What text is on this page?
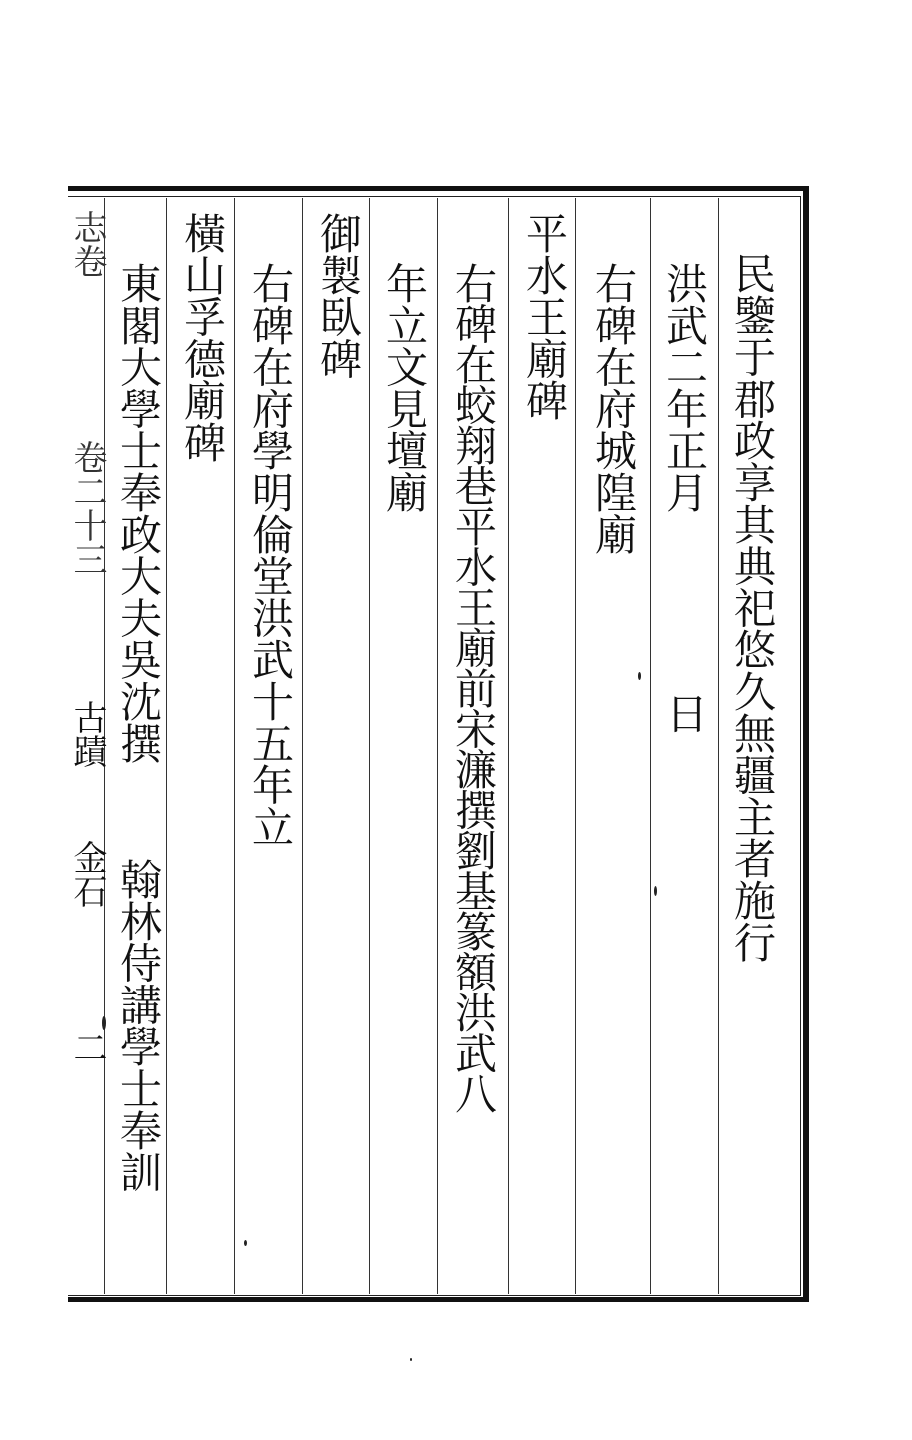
民鑒于郡政享其典祀悠久無疆主者施行
洪武二年正月
日
右碑在府城隍廟
平水王廟碑
右碑在蛟翔巷平水王廟前宋濂撰劉基篆額洪武八
年立文見壇廟
御製臥碑
右碑在府學明倫堂洪武十五年立
橫山孚德廟碑
東閣大學士奉政大夫吳沈撰
翰林侍講學士奉訓
志卷
卷二十三
古蹟
金石
二
